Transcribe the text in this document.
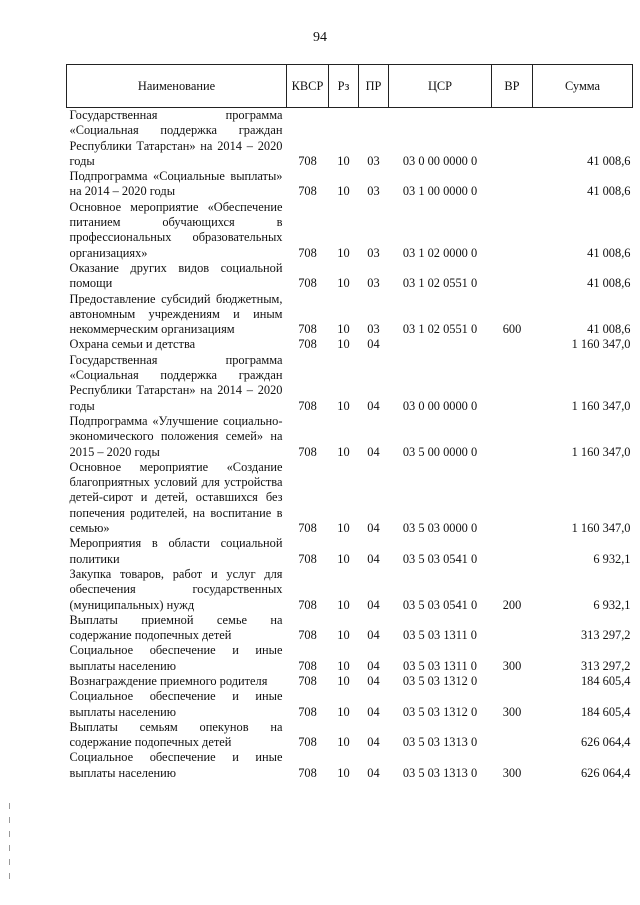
94
Наименование	КВСР	Рз	ПР	ЦСР	ВР	Сумма
Государственная программа «Социальная поддержка граждан Республики Татарстан» на 2014 – 2020 годы	708	10	03	03 0 00 0000 0		41 008,6
Подпрограмма «Социальные выплаты» на 2014 – 2020 годы	708	10	03	03 1 00 0000 0		41 008,6
Основное мероприятие «Обеспечение питанием обучающихся в профессиональных образовательных организациях»	708	10	03	03 1 02 0000 0		41 008,6
Оказание других видов социальной помощи	708	10	03	03 1 02 0551 0		41 008,6
Предоставление субсидий бюджетным, автономным учреждениям и иным некоммерческим организациям	708	10	03	03 1 02 0551 0	600	41 008,6
Охрана семьи и детства	708	10	04			1 160 347,0
Государственная программа «Социальная поддержка граждан Республики Татарстан» на 2014 – 2020 годы	708	10	04	03 0 00 0000 0		1 160 347,0
Подпрограмма «Улучшение социально-экономического положения семей» на 2015 – 2020 годы	708	10	04	03 5 00 0000 0		1 160 347,0
Основное мероприятие «Создание благоприятных условий для устройства детей-сирот и детей, оставшихся без попечения родителей, на воспитание в семью»	708	10	04	03 5 03 0000 0		1 160 347,0
Мероприятия в области социальной политики	708	10	04	03 5 03 0541 0		6 932,1
Закупка товаров, работ и услуг для обеспечения государственных (муниципальных) нужд	708	10	04	03 5 03 0541 0	200	6 932,1
Выплаты приемной семье на содержание подопечных детей	708	10	04	03 5 03 1311 0		313 297,2
Социальное обеспечение и иные выплаты населению	708	10	04	03 5 03 1311 0	300	313 297,2
Вознаграждение приемного родителя	708	10	04	03 5 03 1312 0		184 605,4
Социальное обеспечение и иные выплаты населению	708	10	04	03 5 03 1312 0	300	184 605,4
Выплаты семьям опекунов на содержание подопечных детей	708	10	04	03 5 03 1313 0		626 064,4
Социальное обеспечение и иные выплаты населению	708	10	04	03 5 03 1313 0	300	626 064,4
